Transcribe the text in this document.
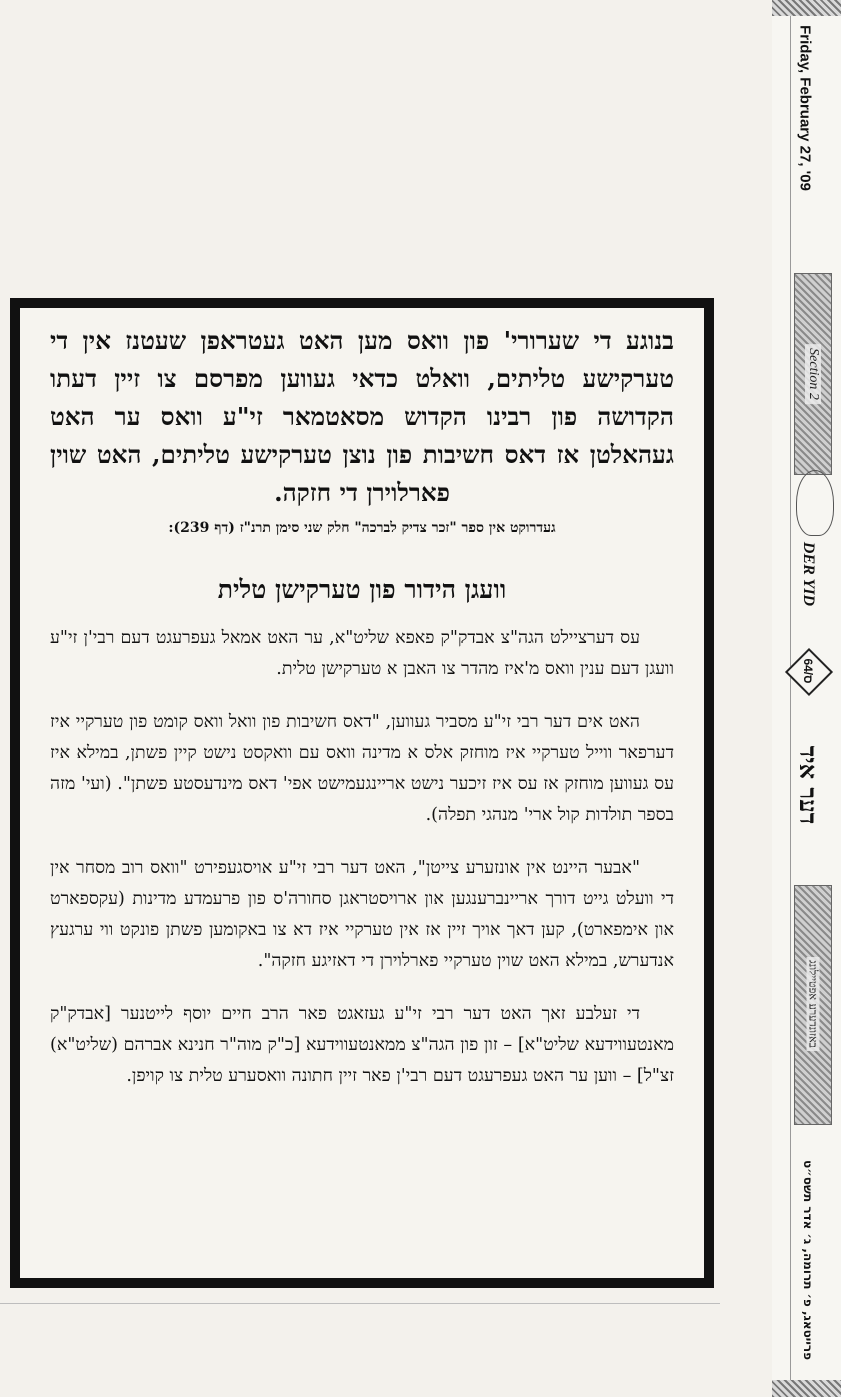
Friday, February 27, '09
Section 2
DER YID
64/ס
דער איד
באזונדערע אפטיילונג
פרייטאג, פ׳ תרומה, ג׳ אדר תשס״ט

בנוגע די שערורי' פון וואס מען האט געטראפן שעטנז אין די טערקישע טליתים, וואלט כדאי געווען מפרסם צו זיין דעתו הקדושה פון רבינו הקדוש מסאטמאר זי"ע וואס ער האט געהאלטן אז דאס חשיבות פון נוצן טערקישע טליתים, האט שוין פארלוירן די חזקה.

געדרוקט אין ספר "זכר צדיק לברכה" חלק שני סימן תרנ"ז (דף 239):

וועגן הידור פון טערקישן טלית

עס דערציילט הגה"צ אבדק"ק פאפא שליט"א, ער האט אמאל געפרעגט דעם רבי'ן זי"ע וועגן דעם ענין וואס מ'איז מהדר צו האבן א טערקישן טלית.

האט אים דער רבי זי"ע מסביר געווען, "דאס חשיבות פון וואל וואס קומט פון טערקיי איז דערפאר ווייל טערקיי איז מוחזק אלס א מדינה וואס עם וואקסט נישט קיין פשתן, במילא איז עס געווען מוחזק אז עס איז זיכער נישט אריינגעמישט אפי' דאס מינדעסטע פשתן". (ועי' מזה בספר תולדות קול ארי' מנהגי תפלה).

"אבער היינט אין אונזערע צייטן", האט דער רבי זי"ע אויסגעפירט "וואס רוב מסחר אין די וועלט גייט דורך אריינברענגען און ארויסטראגן סחורה'ס פון פרעמדע מדינות (עקספארט און אימפארט), קען דאך אויך זיין אז אין טערקיי איז דא צו באקומען פשתן פונקט ווי ערגעץ אנדערש, במילא האט שוין טערקיי פארלוירן די דאזיגע חזקה".

די זעלבע זאך האט דער רבי זי"ע געזאגט פאר הרב חיים יוסף לייטנער [אבדק"ק מאנטעווידעא שליט"א] – זון פון הגה"צ ממאנטעווידעא [כ"ק מוה"ר חנינא אברהם (שליט"א) זצ"ל] – ווען ער האט געפרעגט דעם רבי'ן פאר זיין חתונה וואסערע טלית צו קויפן.
